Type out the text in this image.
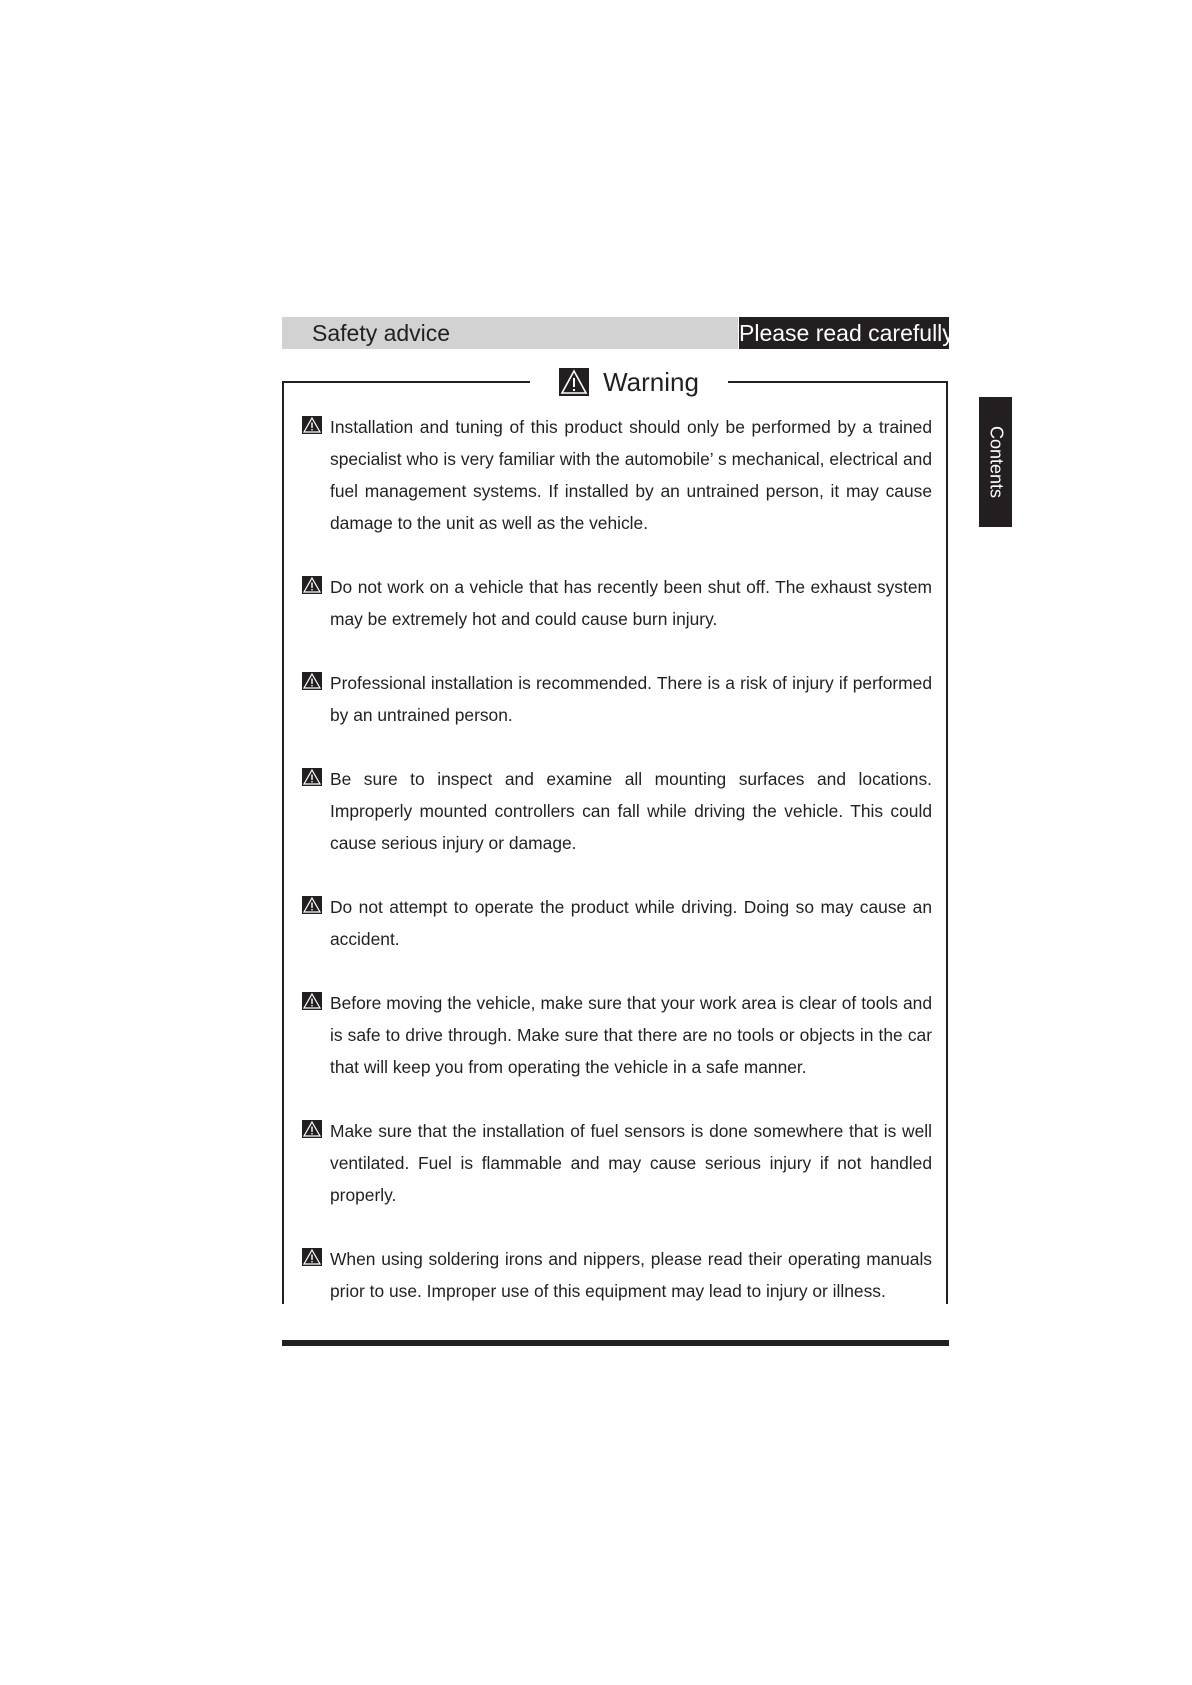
Safety advice	Please read carefully
Contents
Warning
Installation and tuning of this product should only be performed by a trained specialist who is very familiar with the automobile’ s mechanical, electrical and fuel management systems. If installed by an untrained person, it may cause damage to the unit as well as the vehicle.
Do not work on a vehicle that has recently been shut off. The exhaust system may be extremely hot and could cause burn injury.
Professional installation is recommended. There is a risk of injury if performed by an untrained person.
Be sure to inspect and examine all mounting surfaces and locations. Improperly mounted controllers can fall while driving the vehicle. This could cause serious injury or damage.
Do not attempt to operate the product while driving. Doing so may cause an accident.
Before moving the vehicle, make sure that your work area is clear of tools and is safe to drive through. Make sure that there are no tools or objects in the car that will keep you from operating the vehicle in a safe manner.
Make sure that the installation of fuel sensors is done somewhere that is well ventilated. Fuel is flammable and may cause serious injury if not handled properly.
When using soldering irons and nippers, please read their operating manuals prior to use. Improper use of this equipment may lead to injury or illness.
